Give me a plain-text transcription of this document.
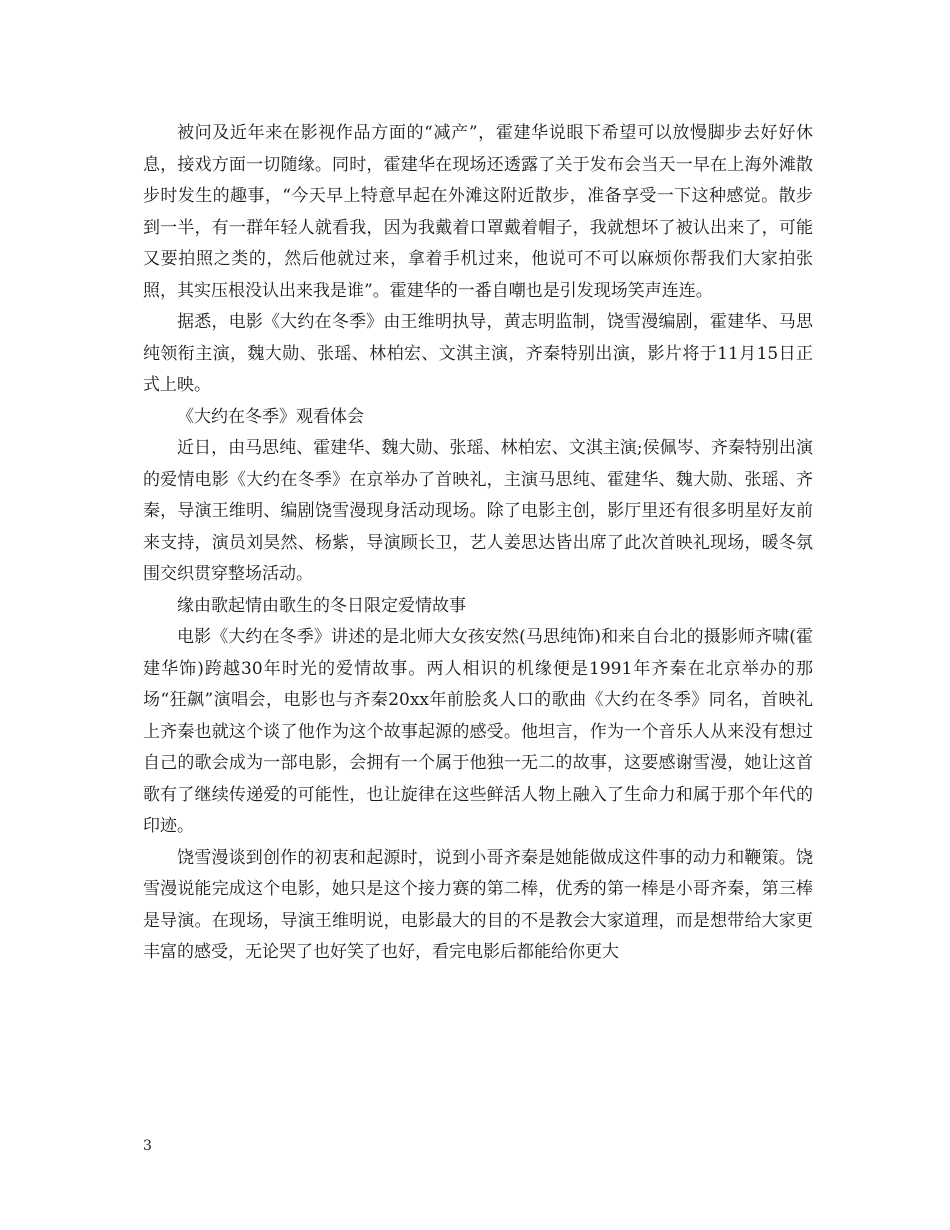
被问及近年来在影视作品方面的“减产”，霍建华说眼下希望可以放慢脚步去好好休息，接戏方面一切随缘。同时，霍建华在现场还透露了关于发布会当天一早在上海外滩散步时发生的趣事，“今天早上特意早起在外滩这附近散步，准备享受一下这种感觉。散步到一半，有一群年轻人就看我，因为我戴着口罩戴着帽子，我就想坏了被认出来了，可能又要拍照之类的，然后他就过来，拿着手机过来，他说可不可以麻烦你帮我们大家拍张照，其实压根没认出来我是谁”。霍建华的一番自嘲也是引发现场笑声连连。

据悉，电影《大约在冬季》由王维明执导，黄志明监制，饶雪漫编剧，霍建华、马思纯领衔主演，魏大勋、张瑶、林柏宏、文淇主演，齐秦特别出演，影片将于11月15日正式上映。

《大约在冬季》观看体会

近日，由马思纯、霍建华、魏大勋、张瑶、林柏宏、文淇主演;侯佩岑、齐秦特别出演的爱情电影《大约在冬季》在京举办了首映礼，主演马思纯、霍建华、魏大勋、张瑶、齐秦，导演王维明、编剧饶雪漫现身活动现场。除了电影主创，影厅里还有很多明星好友前来支持，演员刘昊然、杨紫，导演顾长卫，艺人姜思达皆出席了此次首映礼现场，暖冬氛围交织贯穿整场活动。

缘由歌起情由歌生的冬日限定爱情故事

电影《大约在冬季》讲述的是北师大女孩安然(马思纯饰)和来自台北的摄影师齐啸(霍建华饰)跨越30年时光的爱情故事。两人相识的机缘便是1991年齐秦在北京举办的那场“狂飙”演唱会，电影也与齐秦20xx年前脍炙人口的歌曲《大约在冬季》同名，首映礼上齐秦也就这个谈了他作为这个故事起源的感受。他坦言，作为一个音乐人从来没有想过自己的歌会成为一部电影，会拥有一个属于他独一无二的故事，这要感谢雪漫，她让这首歌有了继续传递爱的可能性，也让旋律在这些鲜活人物上融入了生命力和属于那个年代的印迹。

饶雪漫谈到创作的初衷和起源时，说到小哥齐秦是她能做成这件事的动力和鞭策。饶雪漫说能完成这个电影，她只是这个接力赛的第二棒，优秀的第一棒是小哥齐秦，第三棒是导演。在现场，导演王维明说，电影最大的目的不是教会大家道理，而是想带给大家更丰富的感受，无论哭了也好笑了也好，看完电影后都能给你更大

3
